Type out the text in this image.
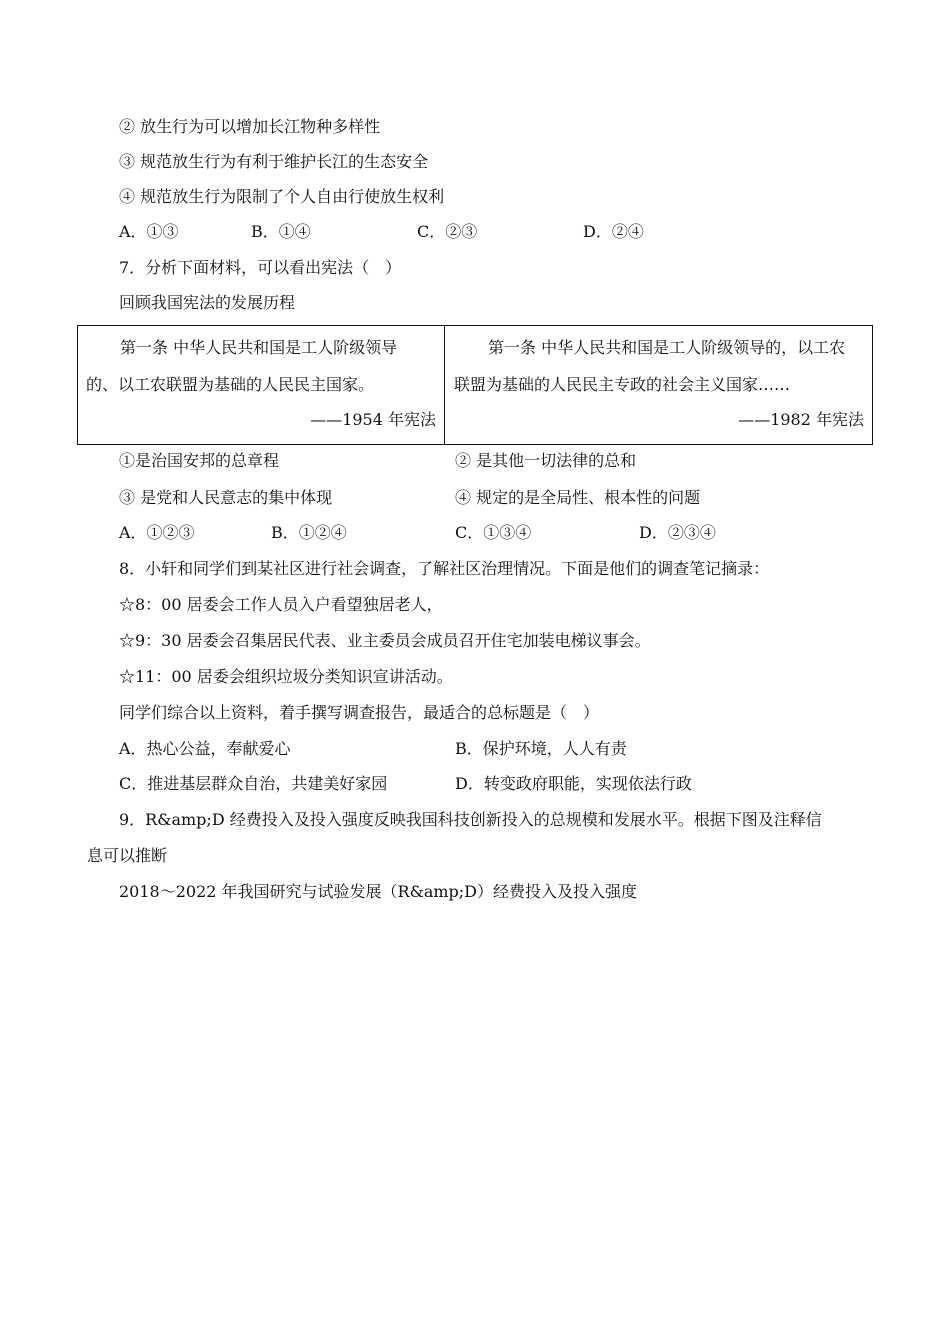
② 放生行为可以增加长江物种多样性
③ 规范放生行为有利于维护长江的生态安全
④ 规范放生行为限制了个人自由行使放生权利
A．①③	B．①④	C．②③	D．②④
7．分析下面材料，可以看出宪法（　）
回顾我国宪法的发展历程
第一条 中华人民共和国是工人阶级领导
的、以工农联盟为基础的人民民主国家。
——1954 年宪法
第一条 中华人民共和国是工人阶级领导的，以工农
联盟为基础的人民民主专政的社会主义国家……
——1982 年宪法
①是治国安邦的总章程	② 是其他一切法律的总和
③ 是党和人民意志的集中体现	④ 规定的是全局性、根本性的问题
A．①②③	B．①②④	C．①③④	D．②③④
8．小轩和同学们到某社区进行社会调查，了解社区治理情况。下面是他们的调查笔记摘录：
☆8：00 居委会工作人员入户看望独居老人，
☆9：30 居委会召集居民代表、业主委员会成员召开住宅加装电梯议事会。
☆11：00 居委会组织垃圾分类知识宣讲活动。
同学们综合以上资料，着手撰写调查报告，最适合的总标题是（　）
A．热心公益，奉献爱心	B．保护环境，人人有责
C．推进基层群众自治，共建美好家园	D．转变政府职能，实现依法行政
9．R&amp;D 经费投入及投入强度反映我国科技创新投入的总规模和发展水平。根据下图及注释信
息可以推断
2018～2022 年我国研究与试验发展（R&amp;D）经费投入及投入强度
